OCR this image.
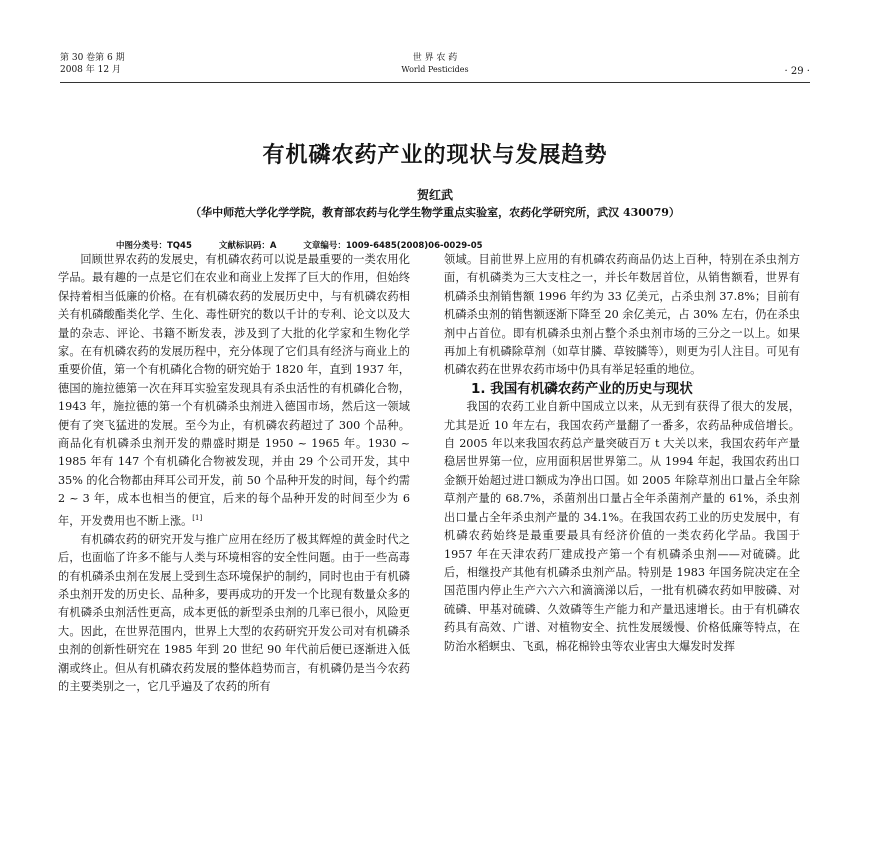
第 30 卷第 6 期
2008 年 12 月
世 界 农 药
World Pesticides	· 29 ·
有机磷农药产业的现状与发展趋势
贺红武
（华中师范大学化学学院，教育部农药与化学生物学重点实验室，农药化学研究所，武汉 430079）
中图分类号：TQ45	文献标识码：A	文章编号：1009-6485(2008)06-0029-05

回顾世界农药的发展史，有机磷农药可以说是最重要的一类农用化学品。最有趣的一点是它们在农业和商业上发挥了巨大的作用，但始终保持着相当低廉的价格。在有机磷农药的发展历史中，与有机磷农药相关有机磷酸酯类化学、生化、毒性研究的数以千计的专利、论文以及大量的杂志、评论、书籍不断发表，涉及到了大批的化学家和生物化学家。在有机磷农药的发展历程中，充分体现了它们具有经济与商业上的重要价值，第一个有机磷化合物的研究始于 1820 年，直到 1937 年，德国的施拉德第一次在拜耳实验室发现具有杀虫活性的有机磷化合物，1943 年，施拉德的第一个有机磷杀虫剂进入德国市场，然后这一领域便有了突飞猛进的发展。至今为止，有机磷农药超过了 300 个品种。商品化有机磷杀虫剂开发的鼎盛时期是 1950 ~ 1965 年。1930 ~ 1985 年有 147 个有机磷化合物被发现，并由 29 个公司开发，其中 35% 的化合物都由拜耳公司开发，前 50 个品种开发的时间，每个约需 2 ~ 3 年，成本也相当的便宜，后来的每个品种开发的时间至少为 6 年，开发费用也不断上涨。[1]

有机磷农药的研究开发与推广应用在经历了极其辉煌的黄金时代之后，也面临了许多不能与人类与环境相容的安全性问题。由于一些高毒的有机磷杀虫剂在发展上受到生态环境保护的制约，同时也由于有机磷杀虫剂开发的历史长、品种多，要再成功的开发一个比现有数量众多的有机磷杀虫剂活性更高，成本更低的新型杀虫剂的几率已很小，风险更大。因此，在世界范围内，世界上大型的农药研究开发公司对有机磷杀虫剂的创新性研究在 1985 年到 20 世纪 90 年代前后便已逐渐进入低潮或终止。但从有机磷农药发展的整体趋势而言，有机磷仍是当今农药的主要类别之一，它几乎遍及了农药的所有

领域。目前世界上应用的有机磷农药商品仍达上百种，特别在杀虫剂方面，有机磷类为三大支柱之一，并长年数居首位，从销售额看，世界有机磷杀虫剂销售额 1996 年约为 33 亿美元，占杀虫剂 37.8%；目前有机磷杀虫剂的销售额逐渐下降至 20 余亿美元，占 30% 左右，仍在杀虫剂中占首位。即有机磷杀虫剂占整个杀虫剂市场的三分之一以上。如果再加上有机磷除草剂（如草甘膦、草铵膦等），则更为引人注目。可见有机磷农药在世界农药市场中仍具有举足轻重的地位。

1. 我国有机磷农药产业的历史与现状

我国的农药工业自新中国成立以来，从无到有获得了很大的发展，尤其是近 10 年左右，我国农药产量翻了一番多，农药品种成倍增长。自 2005 年以来我国农药总产量突破百万 t 大关以来，我国农药年产量稳居世界第一位，应用面积居世界第二。从 1994 年起，我国农药出口金额开始超过进口额成为净出口国。如 2005 年除草剂出口量占全年除草剂产量的 68.7%，杀菌剂出口量占全年杀菌剂产量的 61%，杀虫剂出口量占全年杀虫剂产量的 34.1%。在我国农药工业的历史发展中，有机磷农药始终是最重要最具有经济价值的一类农药化学品。我国于 1957 年在天津农药厂建成投产第一个有机磷杀虫剂——对硫磷。此后，相继投产其他有机磷杀虫剂产品。特别是 1983 年国务院决定在全国范围内停止生产六六六和滴滴涕以后，一批有机磷农药如甲胺磷、对硫磷、甲基对硫磷、久效磷等生产能力和产量迅速增长。由于有机磷农药具有高效、广谱、对植物安全、抗性发展缓慢、价格低廉等特点，在防治水稻螟虫、飞虱，棉花棉铃虫等农业害虫大爆发时发挥
